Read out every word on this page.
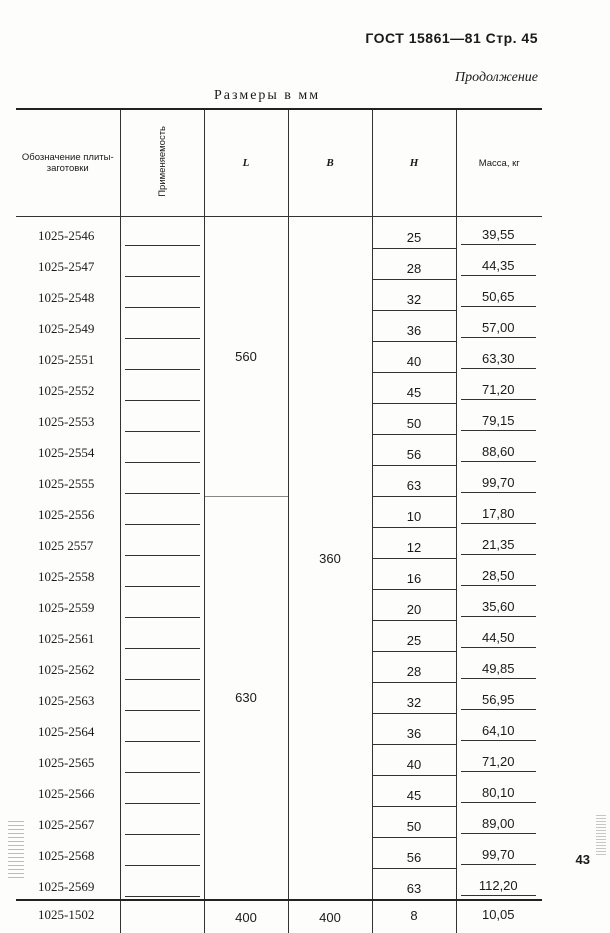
ГОСТ 15861—81 Стр. 45
Продолжение
Размеры в мм
Обозначение плиты-заготовки	Применяемость	L	B	H	Масса, кг
1025-2546		560	360	25	39,55

1025-2547				28	44,35

1025-2548				32	50,65

1025-2549				36	57,00

1025-2551				40	63,30

1025-2552				45	71,20

1025-2553				50	79,15

1025-2554				56	88,60

1025-2555				63	99,70

1025-2556		630		10	17,80

1025 2557				12	21,35

1025-2558				16	28,50

1025-2559				20	35,60

1025-2561				25	44,50

1025-2562				28	49,85

1025-2563				32	56,95

1025-2564				36	64,10

1025-2565				40	71,20

1025-2566				45	80,10

1025-2567				50	89,00

1025-2568				56	99,70

1025-2569				63	112,20

1025-1502		400	400	8	10,05
43
